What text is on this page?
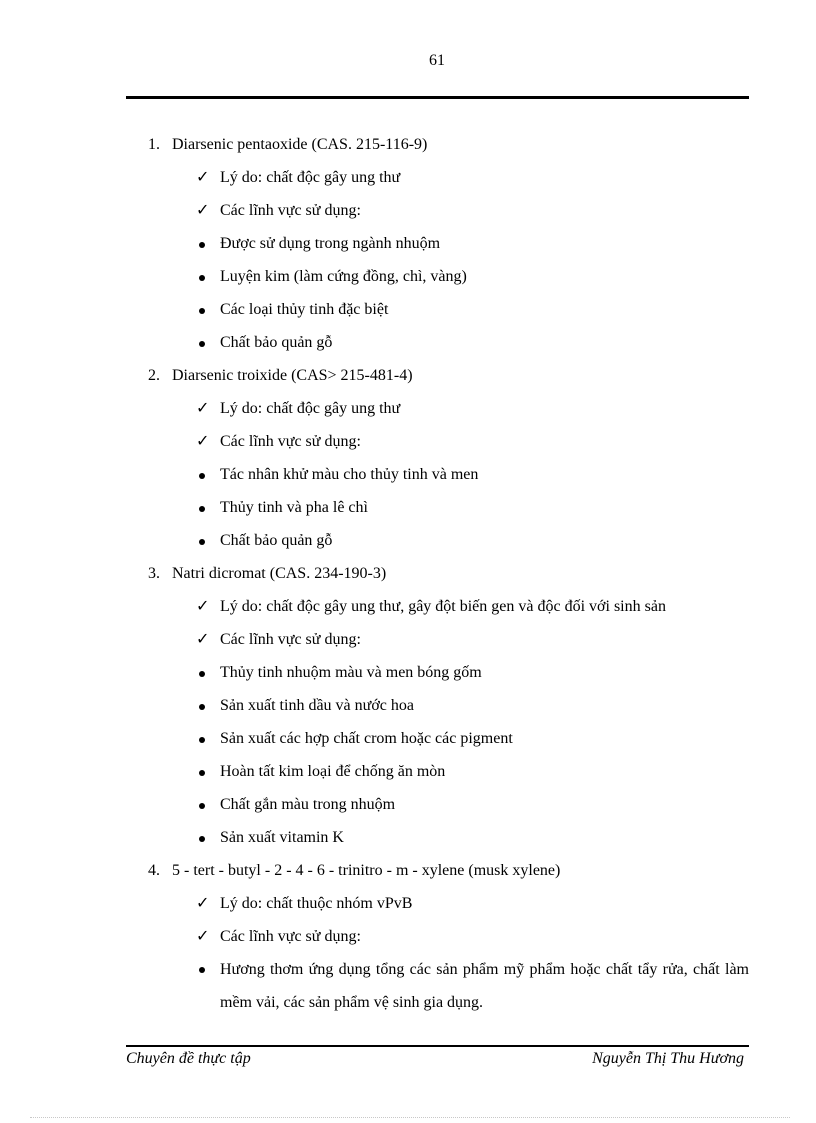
61
1. Diarsenic pentaoxide (CAS. 215-116-9)
✓ Lý do: chất độc gây ung thư
✓ Các lĩnh vực sử dụng:
Được sử dụng trong ngành nhuộm
Luyện kim (làm cứng đồng, chì, vàng)
Các loại thủy tinh đặc biệt
Chất bảo quản gỗ
2. Diarsenic troixide (CAS> 215-481-4)
✓ Lý do: chất độc gây ung thư
✓ Các lĩnh vực sử dụng:
Tác nhân khử màu cho thủy tinh và men
Thủy tinh và pha lê chì
Chất bảo quản gỗ
3. Natri dicromat (CAS. 234-190-3)
✓ Lý do: chất độc gây ung thư, gây đột biến gen và độc đối với sinh sản
✓ Các lĩnh vực sử dụng:
Thủy tinh nhuộm màu và men bóng gốm
Sản xuất tinh dầu và nước hoa
Sản xuất các hợp chất crom hoặc các pigment
Hoàn tất kim loại để chống ăn mòn
Chất gắn màu trong nhuộm
Sản xuất vitamin K
4. 5 - tert - butyl - 2 - 4 - 6 - trinitro - m - xylene (musk xylene)
✓ Lý do: chất thuộc nhóm vPvB
✓ Các lĩnh vực sử dụng:
Hương thơm ứng dụng tổng các sản phẩm mỹ phẩm hoặc chất tẩy rửa, chất làm mềm vải, các sản phẩm vệ sinh gia dụng.
Chuyên đề thực tập	Nguyễn Thị Thu Hương
